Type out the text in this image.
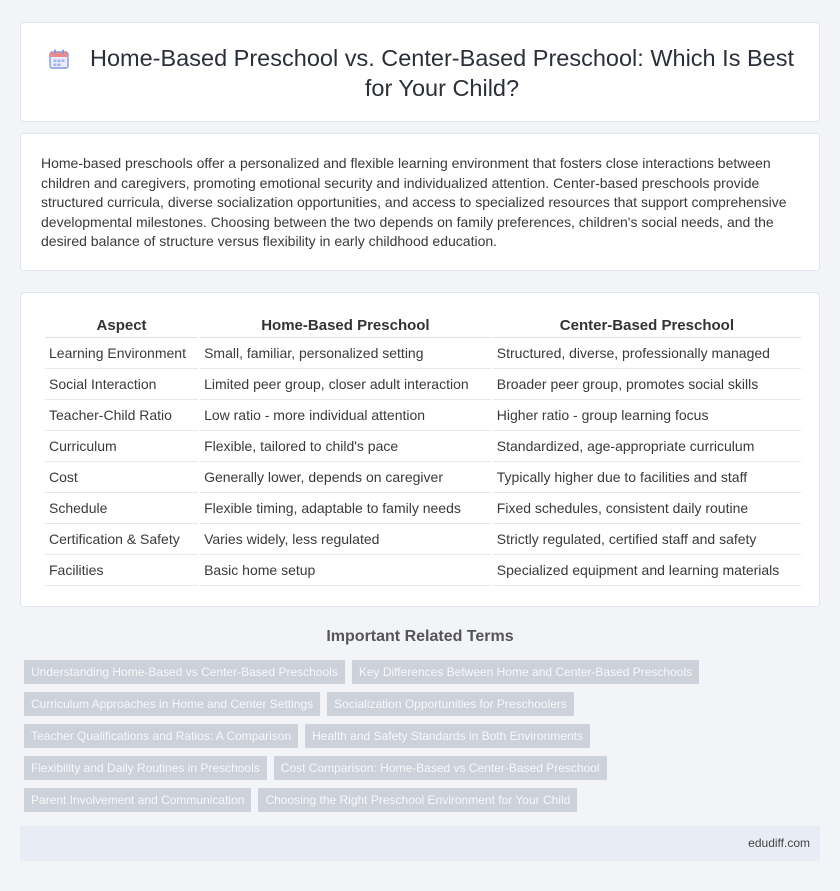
Home-Based Preschool vs. Center-Based Preschool: Which Is Best for Your Child?

Home-based preschools offer a personalized and flexible learning environment that fosters close interactions between children and caregivers, promoting emotional security and individualized attention. Center-based preschools provide structured curricula, diverse socialization opportunities, and access to specialized resources that support comprehensive developmental milestones. Choosing between the two depends on family preferences, children's social needs, and the desired balance of structure versus flexibility in early childhood education.

Aspect	Home-Based Preschool	Center-Based Preschool
Learning Environment	Small, familiar, personalized setting	Structured, diverse, professionally managed
Social Interaction	Limited peer group, closer adult interaction	Broader peer group, promotes social skills
Teacher-Child Ratio	Low ratio - more individual attention	Higher ratio - group learning focus
Curriculum	Flexible, tailored to child's pace	Standardized, age-appropriate curriculum
Cost	Generally lower, depends on caregiver	Typically higher due to facilities and staff
Schedule	Flexible timing, adaptable to family needs	Fixed schedules, consistent daily routine
Certification & Safety	Varies widely, less regulated	Strictly regulated, certified staff and safety
Facilities	Basic home setup	Specialized equipment and learning materials
Important Related Terms
Understanding Home-Based vs Center-Based Preschools	Key Differences Between Home and Center-Based Preschools
Curriculum Approaches in Home and Center Settings	Socialization Opportunities for Preschoolers
Teacher Qualifications and Ratios: A Comparison	Health and Safety Standards in Both Environments
Flexibility and Daily Routines in Preschools	Cost Comparison: Home-Based vs Center-Based Preschool
Parent Involvement and Communication	Choosing the Right Preschool Environment for Your Child
edudiff.com
